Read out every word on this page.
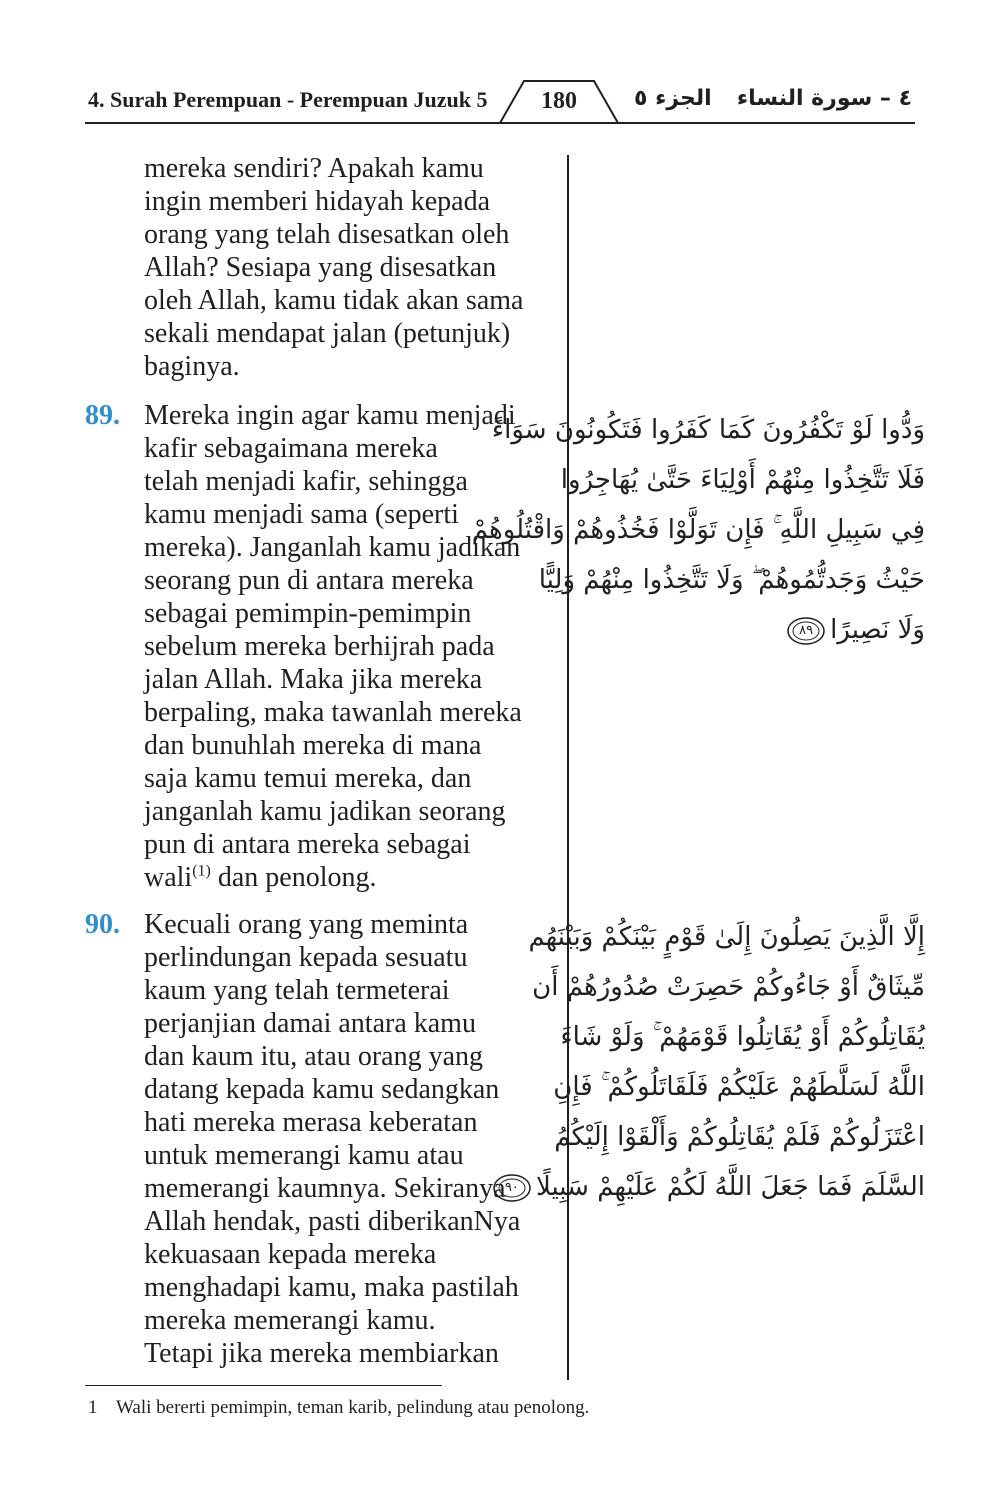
4. Surah Perempuan - Perempuan Juzuk 5	180	الجزء ٥ ٤ – سورة النساء

mereka sendiri? Apakah kamu

ingin memberi hidayah kepada

orang yang telah disesatkan oleh

Allah? Sesiapa yang disesatkan

oleh Allah, kamu tidak akan sama

sekali mendapat jalan (petunjuk)

baginya.

89. Mereka ingin agar kamu menjadi

kafir sebagaimana mereka

telah menjadi kafir, sehingga

kamu menjadi sama (seperti

mereka). Janganlah kamu jadikan

seorang pun di antara mereka

sebagai pemimpin-pemimpin

sebelum mereka berhijrah pada

jalan Allah. Maka jika mereka

berpaling, maka tawanlah mereka

dan bunuhlah mereka di mana

saja kamu temui mereka, dan

janganlah kamu jadikan seorang

pun di antara mereka sebagai

wali$^{(1)}$ dan penolong.

وَدُّوا لَوْ تَكْفُرُونَ كَمَا كَفَرُوا فَتَكُونُونَ سَوَاءً
فَلَا تَتَّخِذُوا مِنْهُمْ أَوْلِيَاءَ حَتَّىٰ يُهَاجِرُوا
فِي سَبِيلِ اللَّهِ ۚ فَإِن تَوَلَّوْا فَخُذُوهُمْ وَاقْتُلُوهُمْ
حَيْثُ وَجَدتُّمُوهُمْ ۖ وَلَا تَتَّخِذُوا مِنْهُمْ وَلِيًّا
وَلَا نَصِيرًا
٨٩
90. Kecuali orang yang meminta

perlindungan kepada sesuatu

kaum yang telah termeterai

perjanjian damai antara kamu

dan kaum itu, atau orang yang

datang kepada kamu sedangkan

hati mereka merasa keberatan

untuk memerangi kamu atau

memerangi kaumnya. Sekiranya

Allah hendak, pasti diberikanNya

kekuasaan kepada mereka

menghadapi kamu, maka pastilah

mereka memerangi kamu.

Tetapi jika mereka membiarkan

إِلَّا الَّذِينَ يَصِلُونَ إِلَىٰ قَوْمٍ بَيْنَكُمْ وَبَيْنَهُم
مِّيثَاقٌ أَوْ جَاءُوكُمْ حَصِرَتْ صُدُورُهُمْ أَن
يُقَاتِلُوكُمْ أَوْ يُقَاتِلُوا قَوْمَهُمْ ۚ وَلَوْ شَاءَ
اللَّهُ لَسَلَّطَهُمْ عَلَيْكُمْ فَلَقَاتَلُوكُمْ ۚ فَإِنِ
اعْتَزَلُوكُمْ فَلَمْ يُقَاتِلُوكُمْ وَأَلْقَوْا إِلَيْكُمُ
السَّلَمَ فَمَا جَعَلَ اللَّهُ لَكُمْ عَلَيْهِمْ سَبِيلًا
٩٠
1 Wali bererti pemimpin, teman karib, pelindung atau penolong.
